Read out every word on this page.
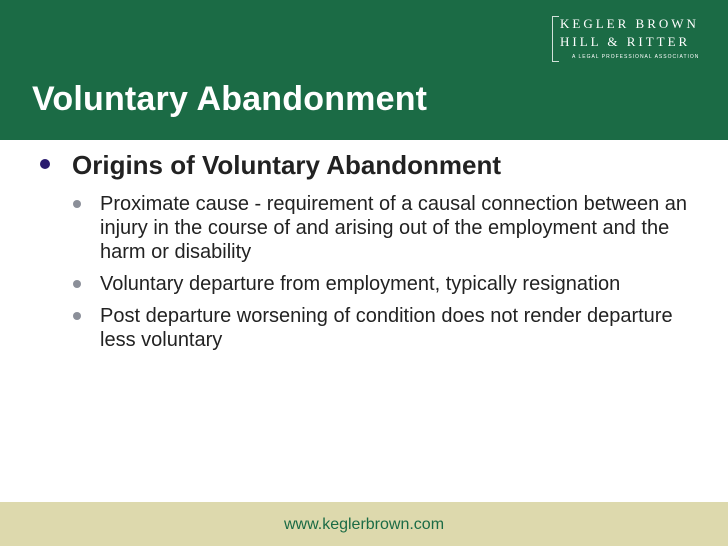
KEGLER BROWN
HILL & RITTER
A LEGAL PROFESSIONAL ASSOCIATION
Voluntary Abandonment
Origins of Voluntary Abandonment
Proximate cause - requirement of a causal connection between an injury in the course of and arising out of the employment and the harm or disability
Voluntary departure from employment, typically resignation
Post departure worsening of condition does not render departure less voluntary
www.keglerbrown.com
